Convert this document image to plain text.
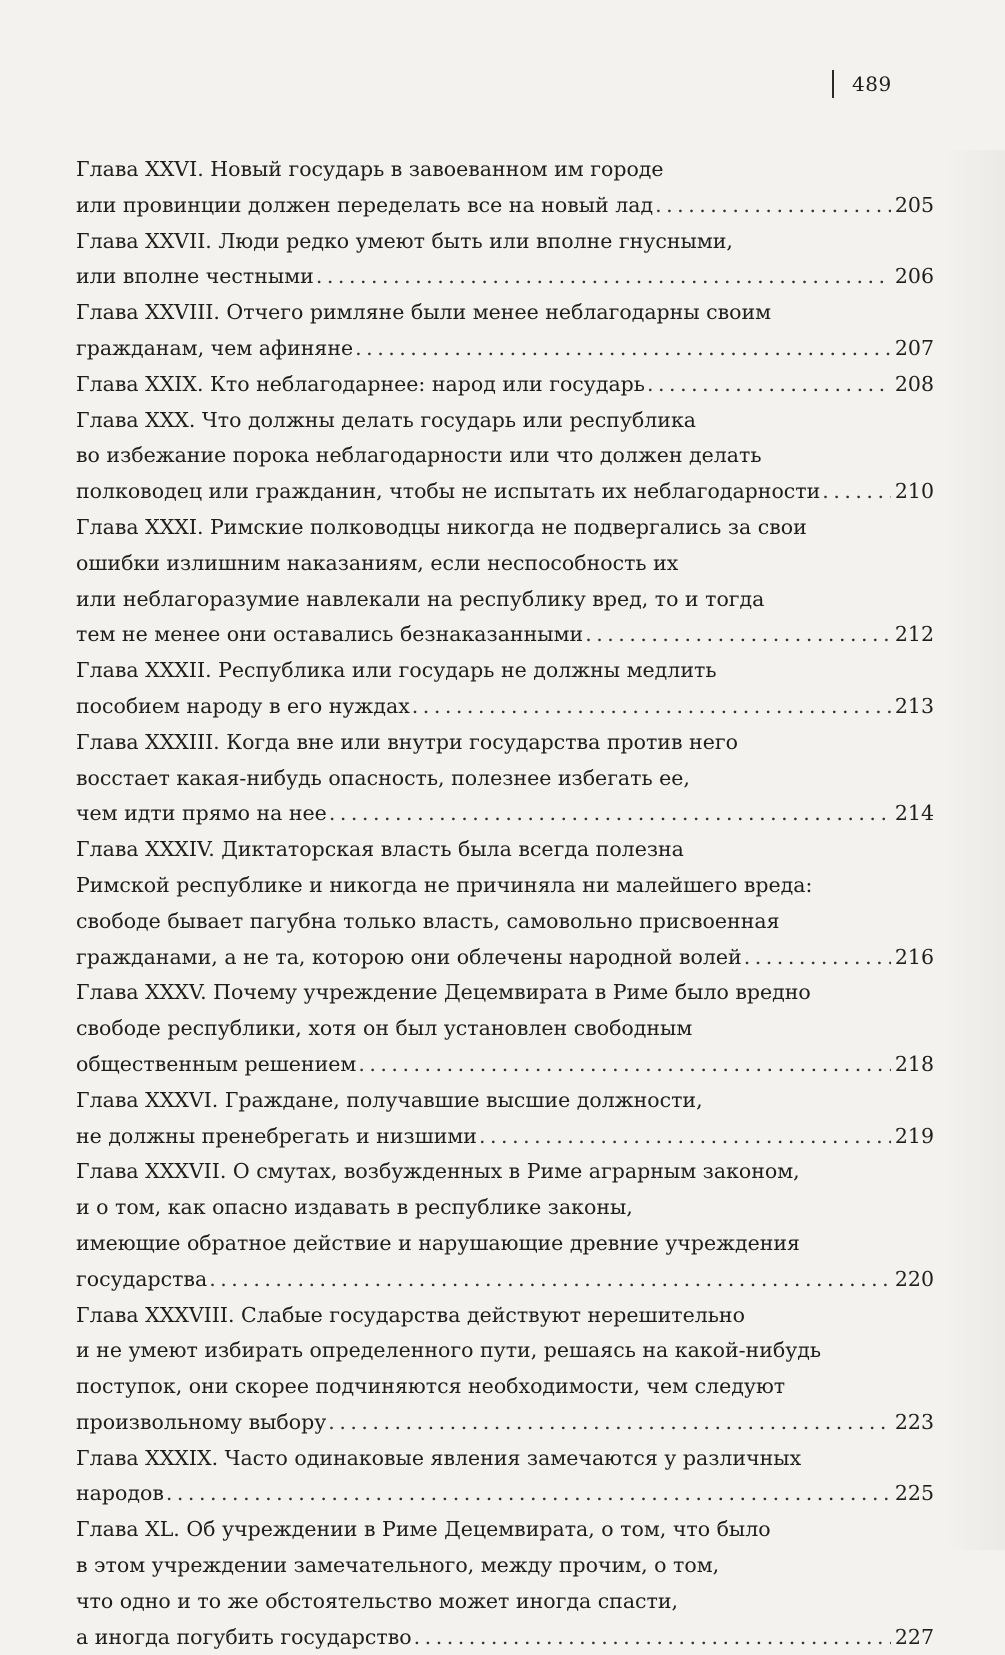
489
Глава XXVI. Новый государь в завоеванном им городе
или провинции должен переделать все на новый лад . . .	205
Глава XXVII. Люди редко умеют быть или вполне гнусными,
или вполне честными . . .	206
Глава XXVIII. Отчего римляне были менее неблагодарны своим
гражданам, чем афиняне . . .	207
Глава XXIX. Кто неблагодарнее: народ или государь . . .	208
Глава XXX. Что должны делать государь или республика
во избежание порока неблагодарности или что должен делать
полководец или гражданин, чтобы не испытать их неблагодарности . . .	210
Глава XXXI. Римские полководцы никогда не подвергались за свои
ошибки излишним наказаниям, если неспособность их
или неблагоразумие навлекали на республику вред, то и тогда
тем не менее они оставались безнаказанными . . .	212
Глава XXXII. Республика или государь не должны медлить
пособием народу в его нуждах . . .	213
Глава XXXIII. Когда вне или внутри государства против него
восстает какая-нибудь опасность, полезнее избегать ее,
чем идти прямо на нее . . .	214
Глава XXXIV. Диктаторская власть была всегда полезна
Римской республике и никогда не причиняла ни малейшего вреда:
свободе бывает пагубна только власть, самовольно присвоенная
гражданами, а не та, которою они облечены народной волей . . .	216
Глава XXXV. Почему учреждение Децемвирата в Риме было вредно
свободе республики, хотя он был установлен свободным
общественным решением . . .	218
Глава XXXVI. Граждане, получавшие высшие должности,
не должны пренебрегать и низшими . . .	219
Глава XXXVII. О смутах, возбужденных в Риме аграрным законом,
и о том, как опасно издавать в республике законы,
имеющие обратное действие и нарушающие древние учреждения
государства . . .	220
Глава XXXVIII. Слабые государства действуют нерешительно
и не умеют избирать определенного пути, решаясь на какой-нибудь
поступок, они скорее подчиняются необходимости, чем следуют
произвольному выбору . . .	223
Глава XXXIX. Часто одинаковые явления замечаются у различных
народов . . .	225
Глава XL. Об учреждении в Риме Децемвирата, о том, что было
в этом учреждении замечательного, между прочим, о том,
что одно и то же обстоятельство может иногда спасти,
а иногда погубить государство . . .	227
